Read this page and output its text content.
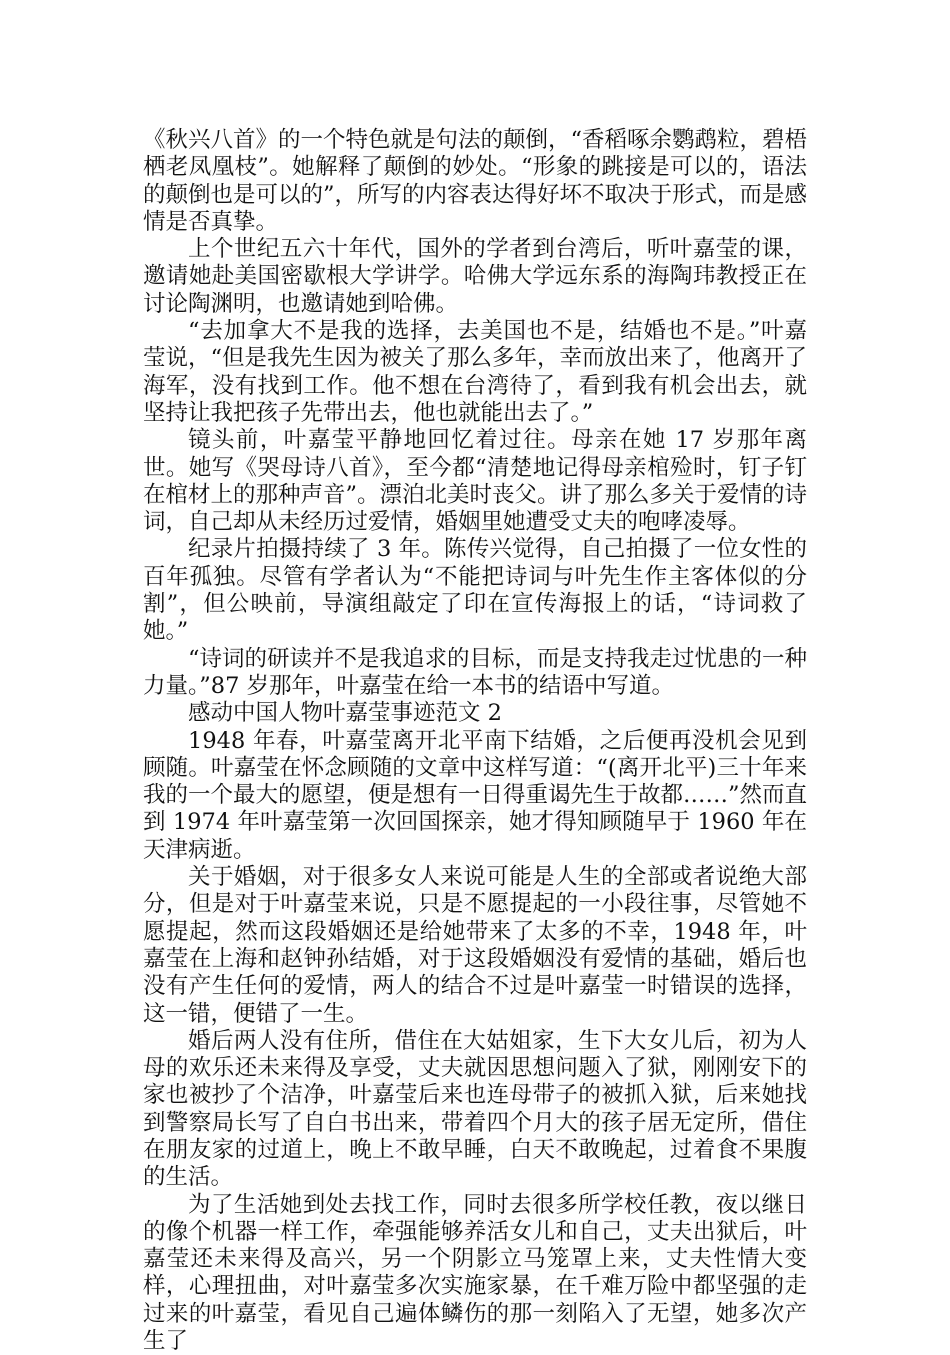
《秋兴八首》的一个特色就是句法的颠倒，“香稻啄余鹦鹉粒，碧梧栖老凤凰枝”。她解释了颠倒的妙处。“形象的跳接是可以的，语法的颠倒也是可以的”，所写的内容表达得好坏不取决于形式，而是感情是否真挚。

上个世纪五六十年代，国外的学者到台湾后，听叶嘉莹的课，邀请她赴美国密歇根大学讲学。哈佛大学远东系的海陶玮教授正在讨论陶渊明，也邀请她到哈佛。

“去加拿大不是我的选择，去美国也不是，结婚也不是。”叶嘉莹说，“但是我先生因为被关了那么多年，幸而放出来了，他离开了海军，没有找到工作。他不想在台湾待了，看到我有机会出去，就坚持让我把孩子先带出去，他也就能出去了。”

镜头前，叶嘉莹平静地回忆着过往。母亲在她 17 岁那年离世。她写《哭母诗八首》，至今都“清楚地记得母亲棺殓时，钉子钉在棺材上的那种声音”。漂泊北美时丧父。讲了那么多关于爱情的诗词，自己却从未经历过爱情，婚姻里她遭受丈夫的咆哮凌辱。

纪录片拍摄持续了 3 年。陈传兴觉得，自己拍摄了一位女性的百年孤独。尽管有学者认为“不能把诗词与叶先生作主客体似的分割”，但公映前，导演组敲定了印在宣传海报上的话，“诗词救了她。”

“诗词的研读并不是我追求的目标，而是支持我走过忧患的一种力量。”87 岁那年，叶嘉莹在给一本书的结语中写道。

感动中国人物叶嘉莹事迹范文 2

1948 年春，叶嘉莹离开北平南下结婚，之后便再没机会见到顾随。叶嘉莹在怀念顾随的文章中这样写道：“(离开北平)三十年来我的一个最大的愿望，便是想有一日得重谒先生于故都……”然而直到 1974 年叶嘉莹第一次回国探亲，她才得知顾随早于 1960 年在天津病逝。

关于婚姻，对于很多女人来说可能是人生的全部或者说绝大部分，但是对于叶嘉莹来说，只是不愿提起的一小段往事，尽管她不愿提起，然而这段婚姻还是给她带来了太多的不幸，1948 年，叶嘉莹在上海和赵钟孙结婚，对于这段婚姻没有爱情的基础，婚后也没有产生任何的爱情，两人的结合不过是叶嘉莹一时错误的选择，这一错，便错了一生。

婚后两人没有住所，借住在大姑姐家，生下大女儿后，初为人母的欢乐还未来得及享受，丈夫就因思想问题入了狱，刚刚安下的家也被抄了个洁净，叶嘉莹后来也连母带子的被抓入狱，后来她找到警察局长写了自白书出来，带着四个月大的孩子居无定所，借住在朋友家的过道上，晚上不敢早睡，白天不敢晚起，过着食不果腹的生活。

为了生活她到处去找工作，同时去很多所学校任教，夜以继日的像个机器一样工作，牵强能够养活女儿和自己，丈夫出狱后，叶嘉莹还未来得及高兴，另一个阴影立马笼罩上来，丈夫性情大变样，心理扭曲，对叶嘉莹多次实施家暴，在千难万险中都坚强的走过来的叶嘉莹，看见自己遍体鳞伤的那一刻陷入了无望，她多次产生了
